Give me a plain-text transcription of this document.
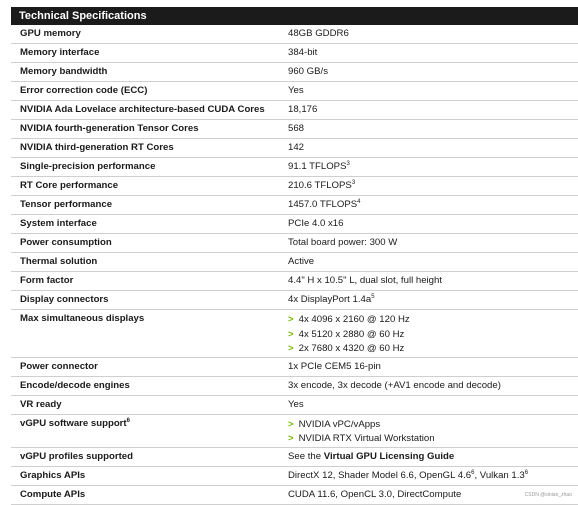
Technical Specifications
GPU memory	48GB GDDR6
Memory interface	384-bit
Memory bandwidth	960 GB/s
Error correction code (ECC)	Yes
NVIDIA Ada Lovelace architecture-based CUDA Cores	18,176
NVIDIA fourth-generation Tensor Cores	568
NVIDIA third-generation RT Cores	142
Single-precision performance	91.1 TFLOPS$^3$
RT Core performance	210.6 TFLOPS$^3$
Tensor performance	1457.0 TFLOPS$^4$
System interface	PCIe 4.0 x16
Power consumption	Total board power: 300 W
Thermal solution	Active
Form factor	4.4" H x 10.5" L, dual slot, full height
Display connectors	4x DisplayPort $1.4a^5$
Max simultaneous displays	> 4x 4096 x 2160 @ 120 Hz
> 4x 5120 x 2880 @ 60 Hz
> 2x 7680 x 4320 @ 60 Hz
Power connector	1x PCIe CEM5 16-pin
Encode/decode engines	3x encode, 3x decode (+AV1 encode and decode)
VR ready	Yes
vGPU software support$^6$	> NVIDIA vPC/vApps
> NVIDIA RTX Virtual Workstation
vGPU profiles supported	See the Virtual GPU Licensing Guide
Graphics APIs	DirectX 12, Shader Model 6.6, OpenGL $4.6^6$, Vulkan $1.3^6$
Compute APIs	CUDA 11.6, OpenCL 3.0, DirectCompute	CSDN @sinian_zhao
